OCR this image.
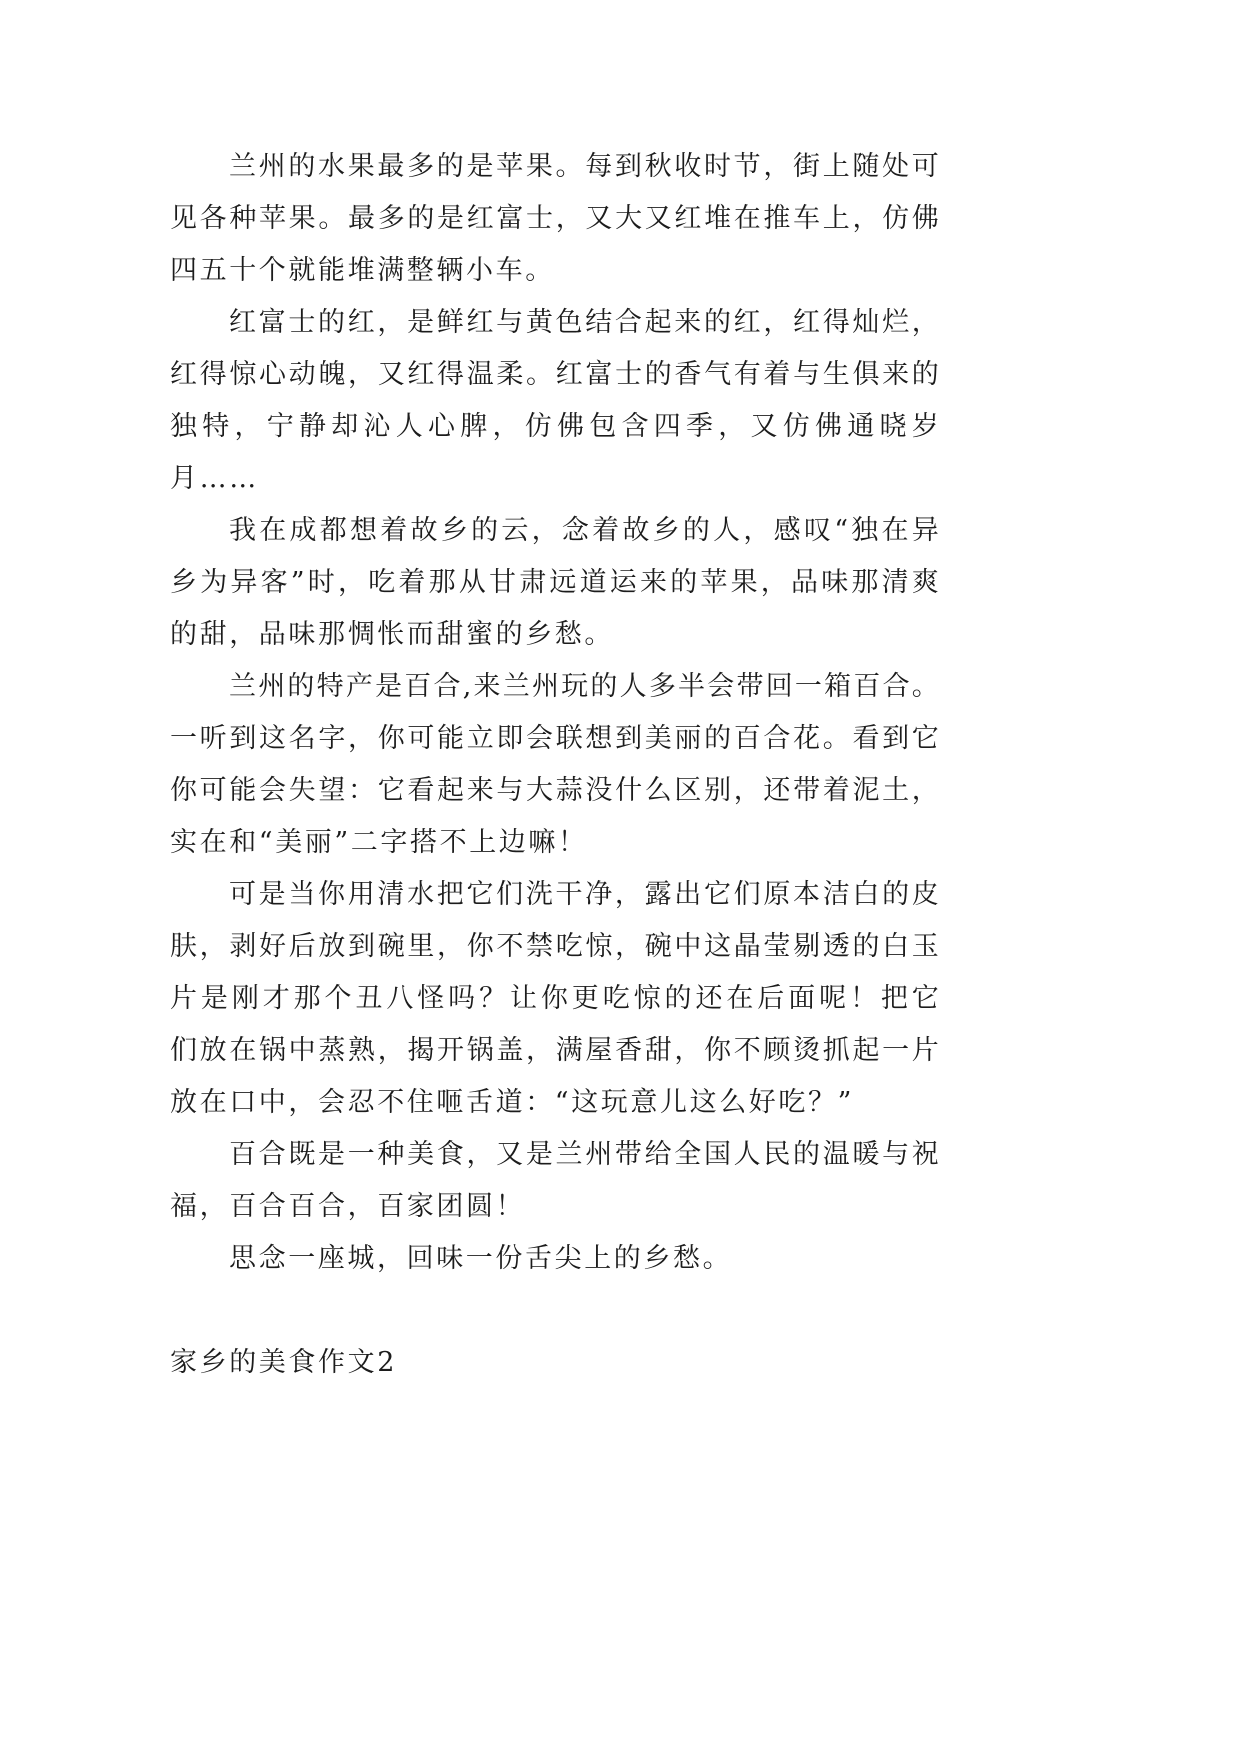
兰州的水果最多的是苹果。每到秋收时节，街上随处可
见各种苹果。最多的是红富士，又大又红堆在推车上，仿佛
四五十个就能堆满整辆小车。
红富士的红，是鲜红与黄色结合起来的红，红得灿烂，
红得惊心动魄，又红得温柔。红富士的香气有着与生俱来的
独特，宁静却沁人心脾，仿佛包含四季，又仿佛通晓岁
月……
我在成都想着故乡的云，念着故乡的人，感叹“独在异
乡为异客”时，吃着那从甘肃远道运来的苹果，品味那清爽
的甜，品味那惆怅而甜蜜的乡愁。
兰州的特产是百合,来兰州玩的人多半会带回一箱百合。
一听到这名字，你可能立即会联想到美丽的百合花。看到它
你可能会失望：它看起来与大蒜没什么区别，还带着泥土，
实在和“美丽”二字搭不上边嘛！
可是当你用清水把它们洗干净，露出它们原本洁白的皮
肤，剥好后放到碗里，你不禁吃惊，碗中这晶莹剔透的白玉
片是刚才那个丑八怪吗？让你更吃惊的还在后面呢！把它
们放在锅中蒸熟，揭开锅盖，满屋香甜，你不顾烫抓起一片
放在口中，会忍不住咂舌道：“这玩意儿这么好吃？”
百合既是一种美食，又是兰州带给全国人民的温暖与祝
福，百合百合，百家团圆！
思念一座城，回味一份舌尖上的乡愁。
家乡的美食作文2
